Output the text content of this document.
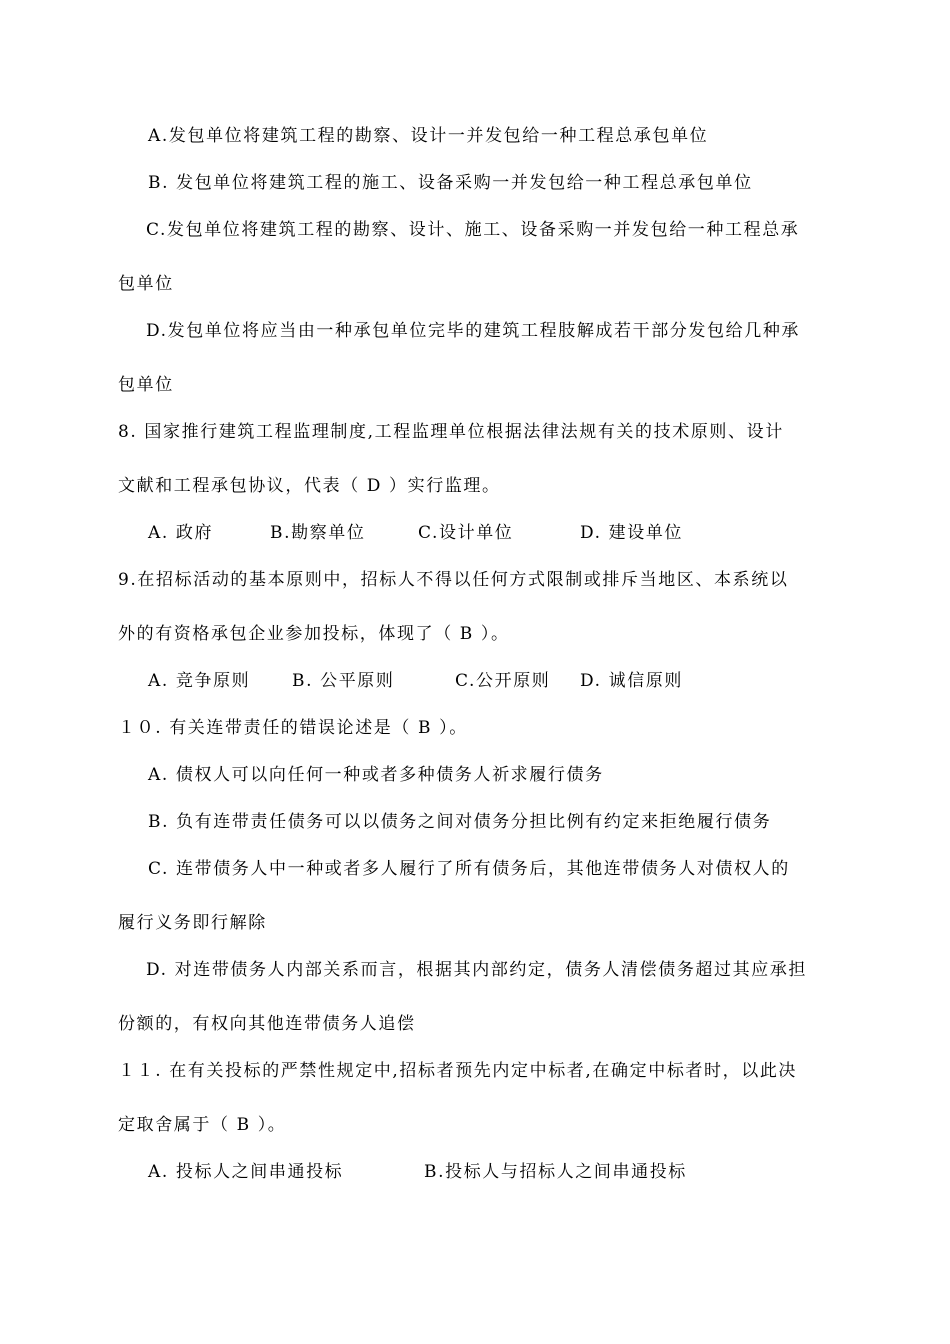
A.发包单位将建筑工程的勘察、设计一并发包给一种工程总承包单位
B. 发包单位将建筑工程的施工、设备采购一并发包给一种工程总承包单位
C.发包单位将建筑工程的勘察、设计、施工、设备采购一并发包给一种工程总承
包单位
D.发包单位将应当由一种承包单位完毕的建筑工程肢解成若干部分发包给几种承
包单位
8. 国家推行建筑工程监理制度,工程监理单位根据法律法规有关的技术原则、设计
文献和工程承包协议，代表（ D ）实行监理。
A. 政府	B.勘察单位	C.设计单位	D. 建设单位
9.在招标活动的基本原则中，招标人不得以任何方式限制或排斥当地区、本系统以
外的有资格承包企业参加投标，体现了（ B ）。
A. 竞争原则 B. 公平原则	C.公开原则 D. 诚信原则
１０. 有关连带责任的错误论述是（ B ）。
A. 债权人可以向任何一种或者多种债务人祈求履行债务
B. 负有连带责任债务可以以债务之间对债务分担比例有约定来拒绝履行债务
C. 连带债务人中一种或者多人履行了所有债务后，其他连带债务人对债权人的
履行义务即行解除
D. 对连带债务人内部关系而言，根据其内部约定，债务人清偿债务超过其应承担
份额的，有权向其他连带债务人追偿
１１. 在有关投标的严禁性规定中,招标者预先内定中标者,在确定中标者时，以此决
定取舍属于（ B ）。
A. 投标人之间串通投标	B.投标人与招标人之间串通投标
